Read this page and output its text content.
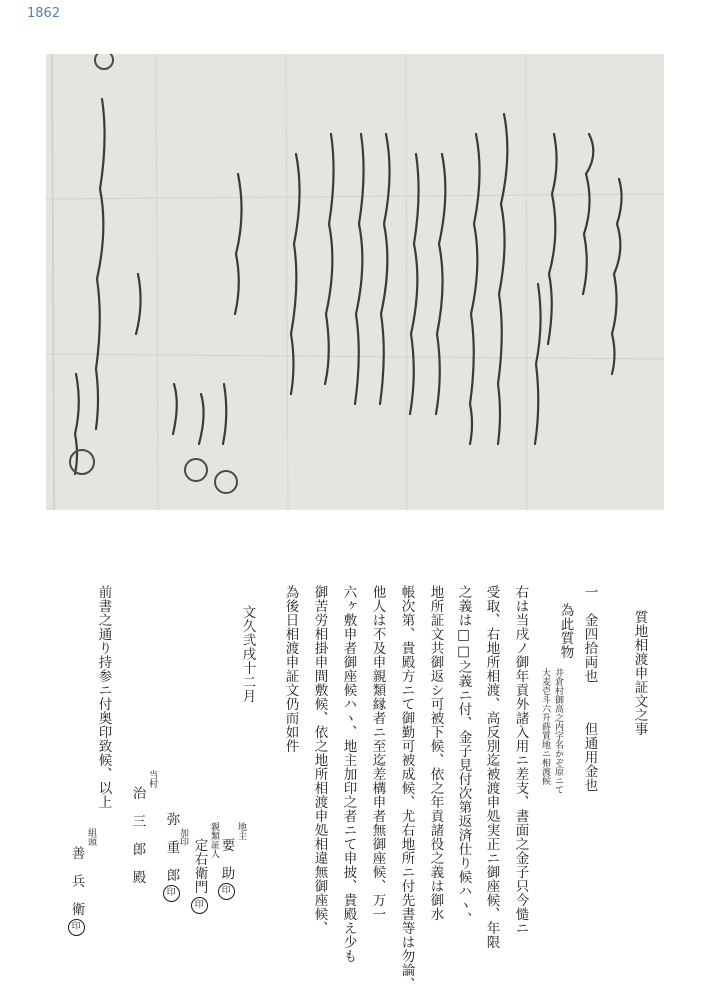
1862
質地相渡申証文之事
一　金四拾両也
但通用金也
為此質物
井倉村御高之内字名かぞ原ニて
大麦壱斗六升蒔質地ニ相渡候
右は当戌ノ御年貢外諸入用ニ差支、書面之金子只今慥ニ
受取、右地所相渡、高反別迄被渡申処実正ニ御座候、年限
之義は□□之義ニ付、金子見付次第返済仕り候ハヽ、
地所証文共御返シ可被下候、依之年貢諸役之義は御水
帳次第、貴殿方ニて御勤可被成候、尤右地所ニ付先書等は勿論、
他人は不及申親類縁者ニ至迄差構申者無御座候、万一
六ヶ敷申者御座候ハヽ、地主加印之者ニて申披、貴殿え少も
御苦労相掛申間敷候、依之地所相渡申処相違無御座候、
為後日相渡申証文仍而如件
文久弐戌十二月
地主
要　助印
親類証人
定右衛門印
加印
弥　重　郎印
当村
治　三　郎　殿
前書之通り持参ニ付奥印致候、以上
組頭
善　兵　衛印
